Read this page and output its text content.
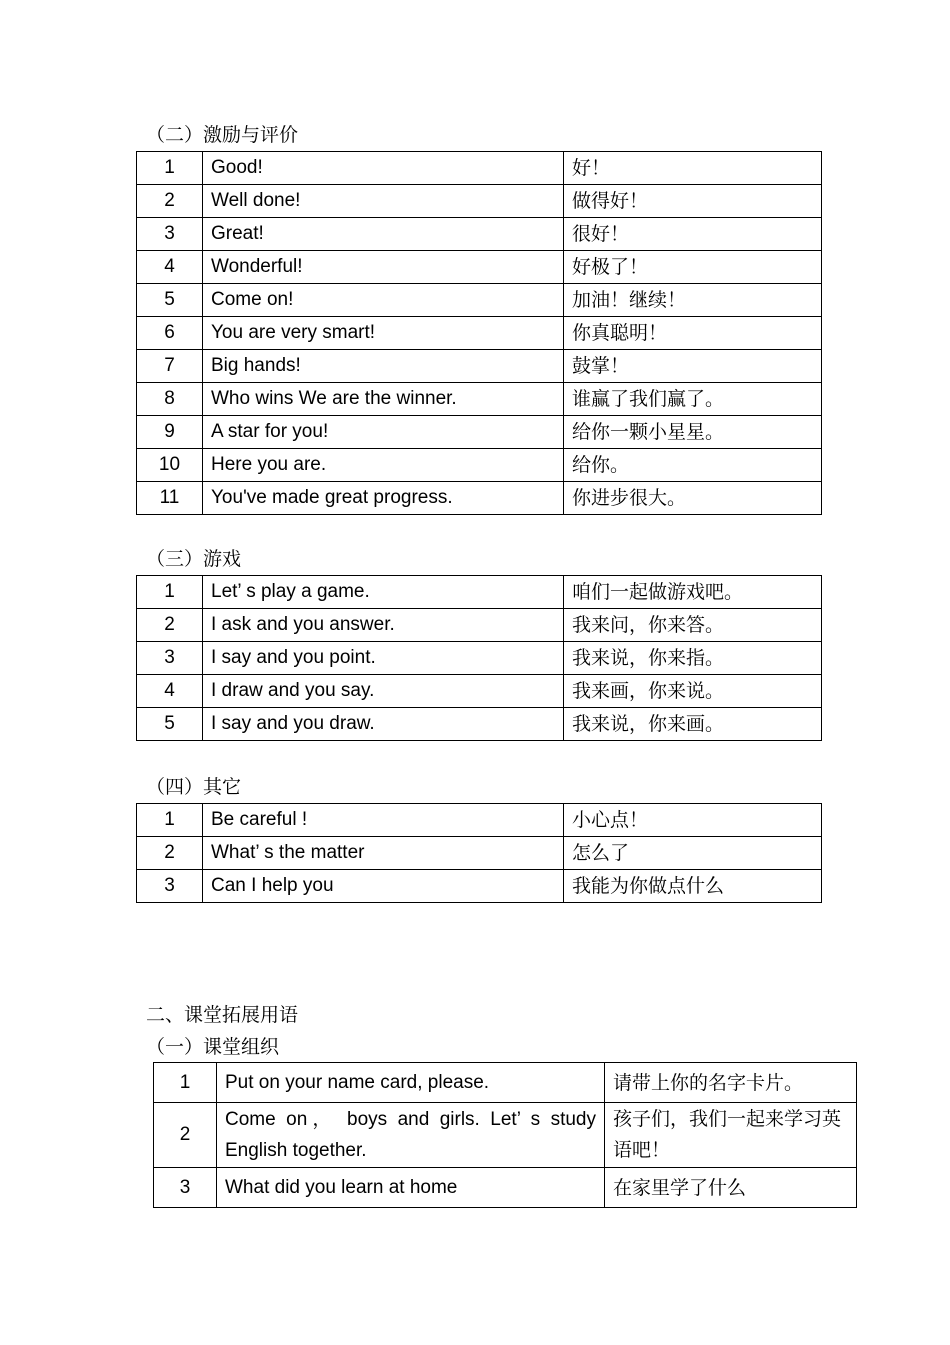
（二）激励与评价
1	Good!	好！
2	Well done!	做得好！
3	Great!	很好！
4	Wonderful!	好极了！
5	Come on!	加油！继续！
6	You are very smart!	你真聪明！
7	Big hands!	鼓掌！
8	Who wins We are the winner.	谁赢了我们赢了。
9	A star for you!	给你一颗小星星。
10	Here you are.	给你。
11	You've made great progress.	你进步很大。
（三）游戏
1	Let’ s play a game.	咱们一起做游戏吧。
2	I ask and you answer.	我来问，你来答。
3	I say and you point.	我来说，你来指。
4	I draw and you say.	我来画，你来说。
5	I say and you draw.	我来说，你来画。
（四）其它
1	Be careful !	小心点！
2	What’ s the matter	怎么了
3	Can I help you	我能为你做点什么
二、课堂拓展用语
（一）课堂组织
1	Put on your name card, please.	请带上你的名字卡片。
2	Come on， boys and girls. Let’ s study English together.	孩子们，我们一起来学习英语吧！
3	What did you learn at home	在家里学了什么
